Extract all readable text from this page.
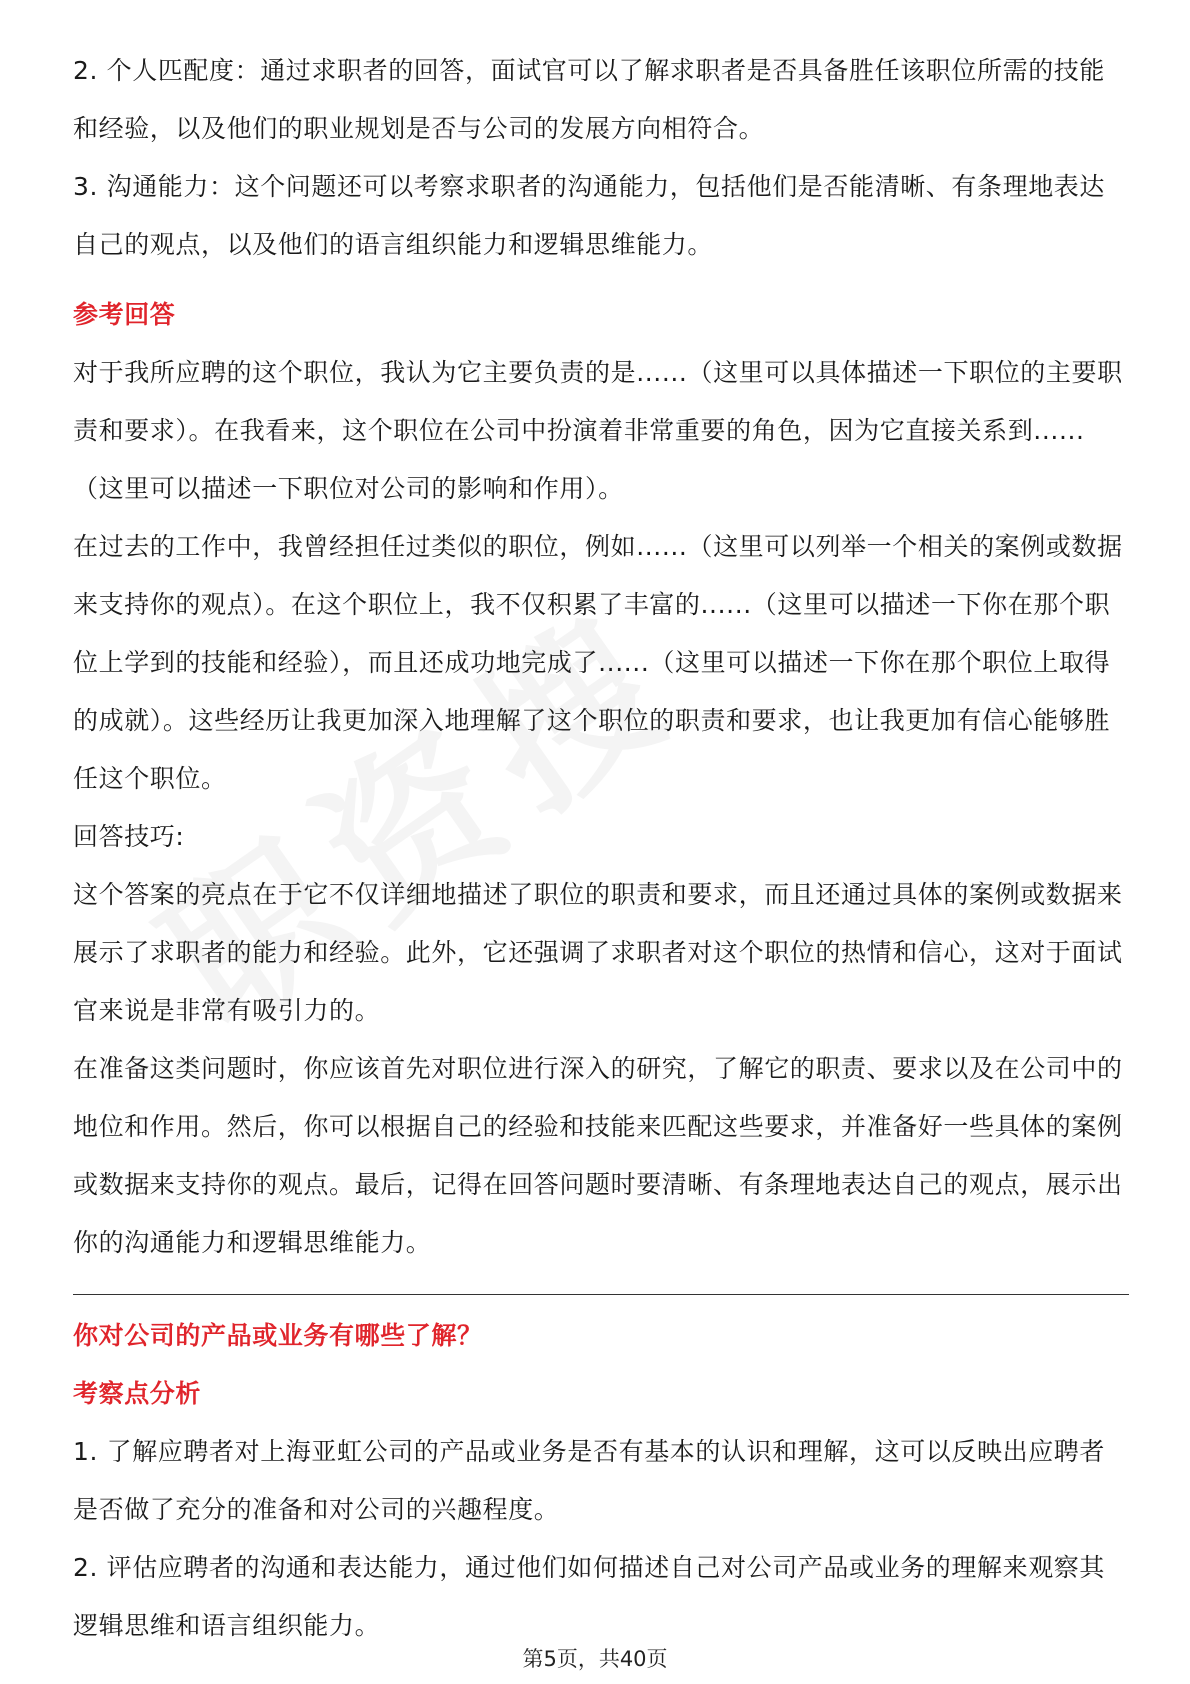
2. 个人匹配度：通过求职者的回答，面试官可以了解求职者是否具备胜任该职位所需的技能和经验，以及他们的职业规划是否与公司的发展方向相符合。

3. 沟通能力：这个问题还可以考察求职者的沟通能力，包括他们是否能清晰、有条理地表达自己的观点，以及他们的语言组织能力和逻辑思维能力。

参考回答

对于我所应聘的这个职位，我认为它主要负责的是......（这里可以具体描述一下职位的主要职责和要求）。在我看来，这个职位在公司中扮演着非常重要的角色，因为它直接关系到......（这里可以描述一下职位对公司的影响和作用）。

在过去的工作中，我曾经担任过类似的职位，例如......（这里可以列举一个相关的案例或数据来支持你的观点）。在这个职位上，我不仅积累了丰富的......（这里可以描述一下你在那个职位上学到的技能和经验），而且还成功地完成了......（这里可以描述一下你在那个职位上取得的成就）。这些经历让我更加深入地理解了这个职位的职责和要求，也让我更加有信心能够胜任这个职位。

回答技巧:

这个答案的亮点在于它不仅详细地描述了职位的职责和要求，而且还通过具体的案例或数据来展示了求职者的能力和经验。此外，它还强调了求职者对这个职位的热情和信心，这对于面试官来说是非常有吸引力的。

在准备这类问题时，你应该首先对职位进行深入的研究，了解它的职责、要求以及在公司中的地位和作用。然后，你可以根据自己的经验和技能来匹配这些要求，并准备好一些具体的案例或数据来支持你的观点。最后，记得在回答问题时要清晰、有条理地表达自己的观点，展示出你的沟通能力和逻辑思维能力。

你对公司的产品或业务有哪些了解？

考察点分析

1. 了解应聘者对上海亚虹公司的产品或业务是否有基本的认识和理解，这可以反映出应聘者是否做了充分的准备和对公司的兴趣程度。

2. 评估应聘者的沟通和表达能力，通过他们如何描述自己对公司产品或业务的理解来观察其逻辑思维和语言组织能力。

第5页，共40页
